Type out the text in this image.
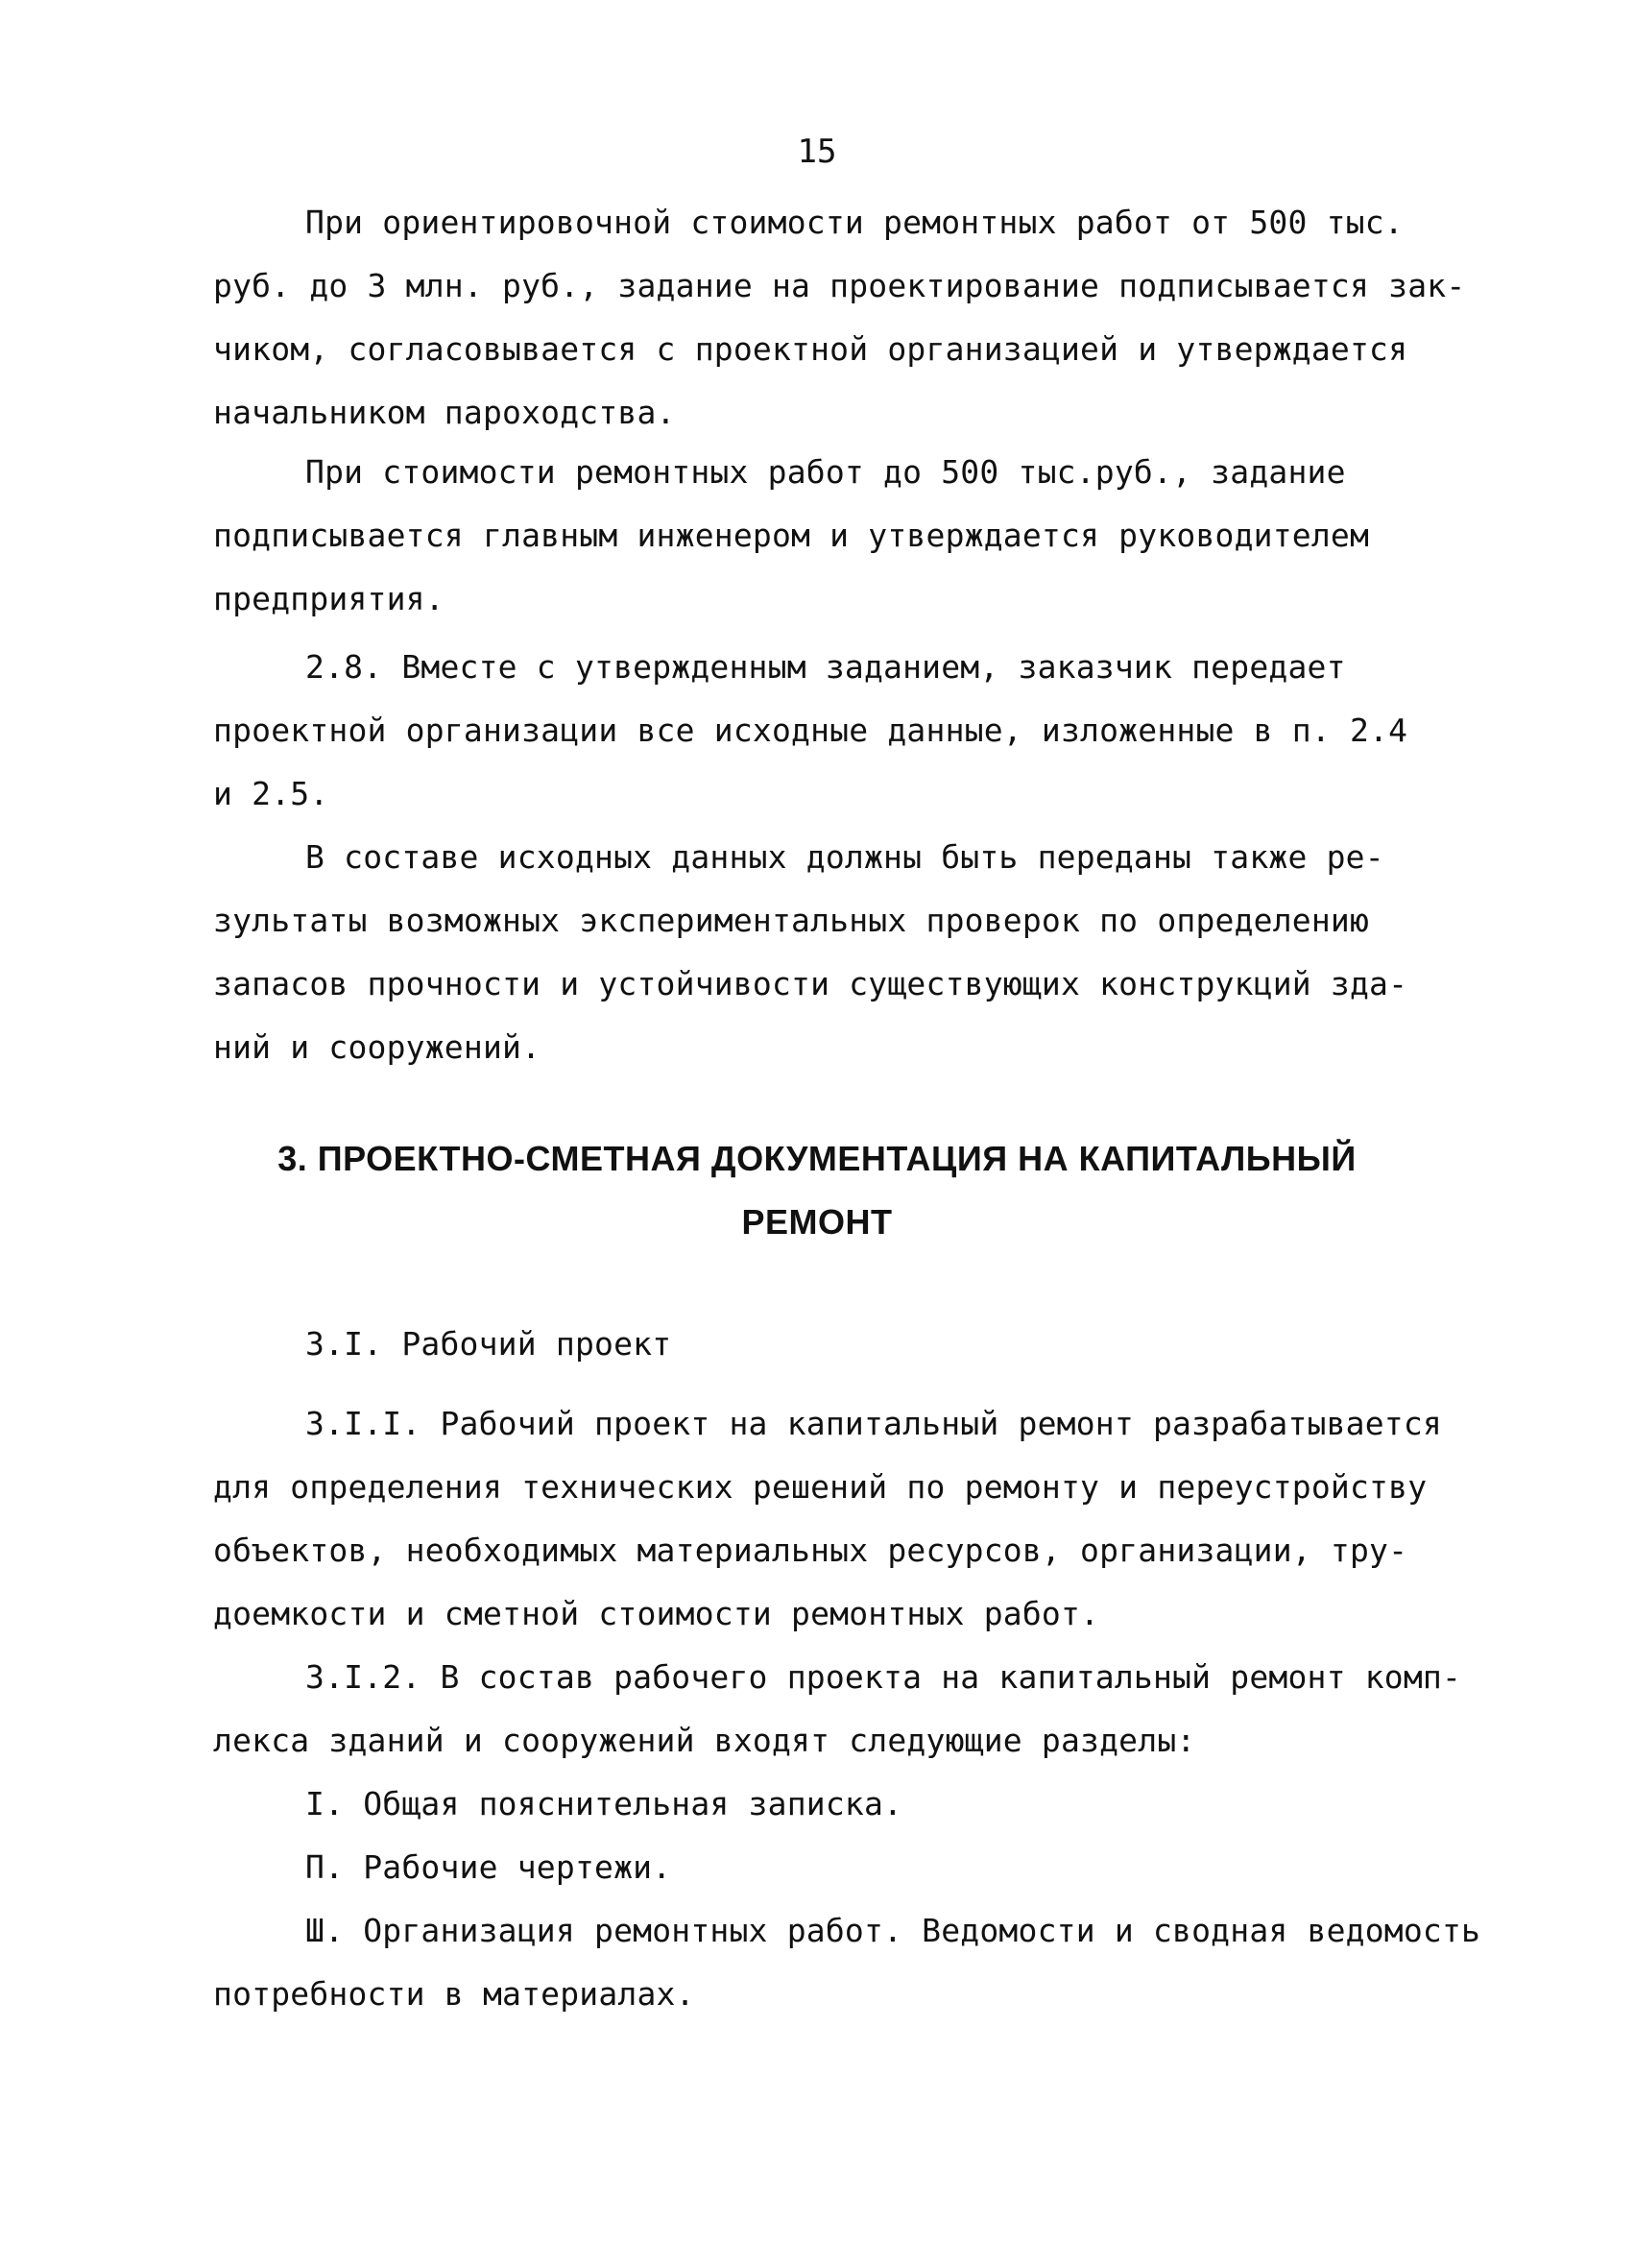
15
При ориентировочной стоимости ремонтных работ от 500 тыс.
руб. до 3 млн. руб., задание на проектирование подписывается зак-
чиком, согласовывается с проектной организацией и утверждается
начальником пароходства.
При стоимости ремонтных работ до 500 тыс.руб., задание
подписывается главным инженером и утверждается руководителем
предприятия.
2.8. Вместе с утвержденным заданием, заказчик передает
проектной организации все исходные данные, изложенные в п. 2.4
и 2.5.
В составе исходных данных должны быть переданы также ре-
зультаты возможных экспериментальных проверок по определению
запасов прочности и устойчивости существующих конструкций зда-
ний и сооружений.
3. ПРОЕКТНО-СМЕТНАЯ ДОКУМЕНТАЦИЯ НА КАПИТАЛЬНЫЙ
РЕМОНТ
3.I. Рабочий проект
3.I.I. Рабочий проект на капитальный ремонт разрабатывается
для определения технических решений по ремонту и переустройству
объектов, необходимых материальных ресурсов, организации, тру-
доемкости и сметной стоимости ремонтных работ.
3.I.2. В состав рабочего проекта на капитальный ремонт комп-
лекса зданий и сооружений входят следующие разделы:
I. Общая пояснительная записка.
П. Рабочие чертежи.
Ш. Организация ремонтных работ. Ведомости и сводная ведомость
потребности в материалах.
